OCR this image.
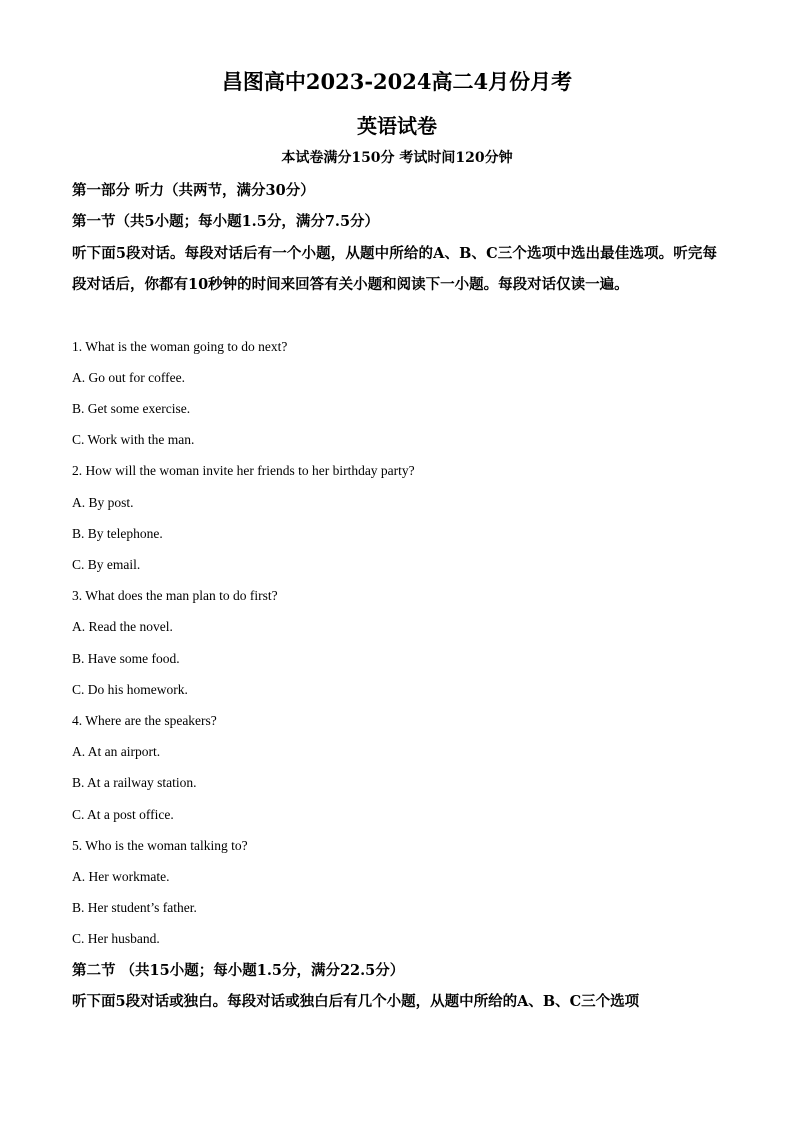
昌图高中2023-2024高二4月份月考
英语试卷
本试卷满分150分 考试时间120分钟
第一部分 听力（共两节，满分30分）
第一节（共5小题；每小题1.5分，满分7.5分）
听下面5段对话。每段对话后有一个小题，从题中所给的A、B、C三个选项中选出最佳选项。听完每段对话后，你都有10秒钟的时间来回答有关小题和阅读下一小题。每段对话仅读一遍。
1. What is the woman going to do next?
A. Go out for coffee.
B. Get some exercise.
C. Work with the man.
2. How will the woman invite her friends to her birthday party?
A. By post.
B. By telephone.
C. By email.
3. What does the man plan to do first?
A. Read the novel.
B. Have some food.
C. Do his homework.
4. Where are the speakers?
A. At an airport.
B. At a railway station.
C. At a post office.
5. Who is the woman talking to?
A. Her workmate.
B. Her student’s father.
C. Her husband.
第二节 （共15小题；每小题1.5分，满分22.5分）
听下面5段对话或独白。每段对话或独白后有几个小题，从题中所给的A、B、C三个选项
